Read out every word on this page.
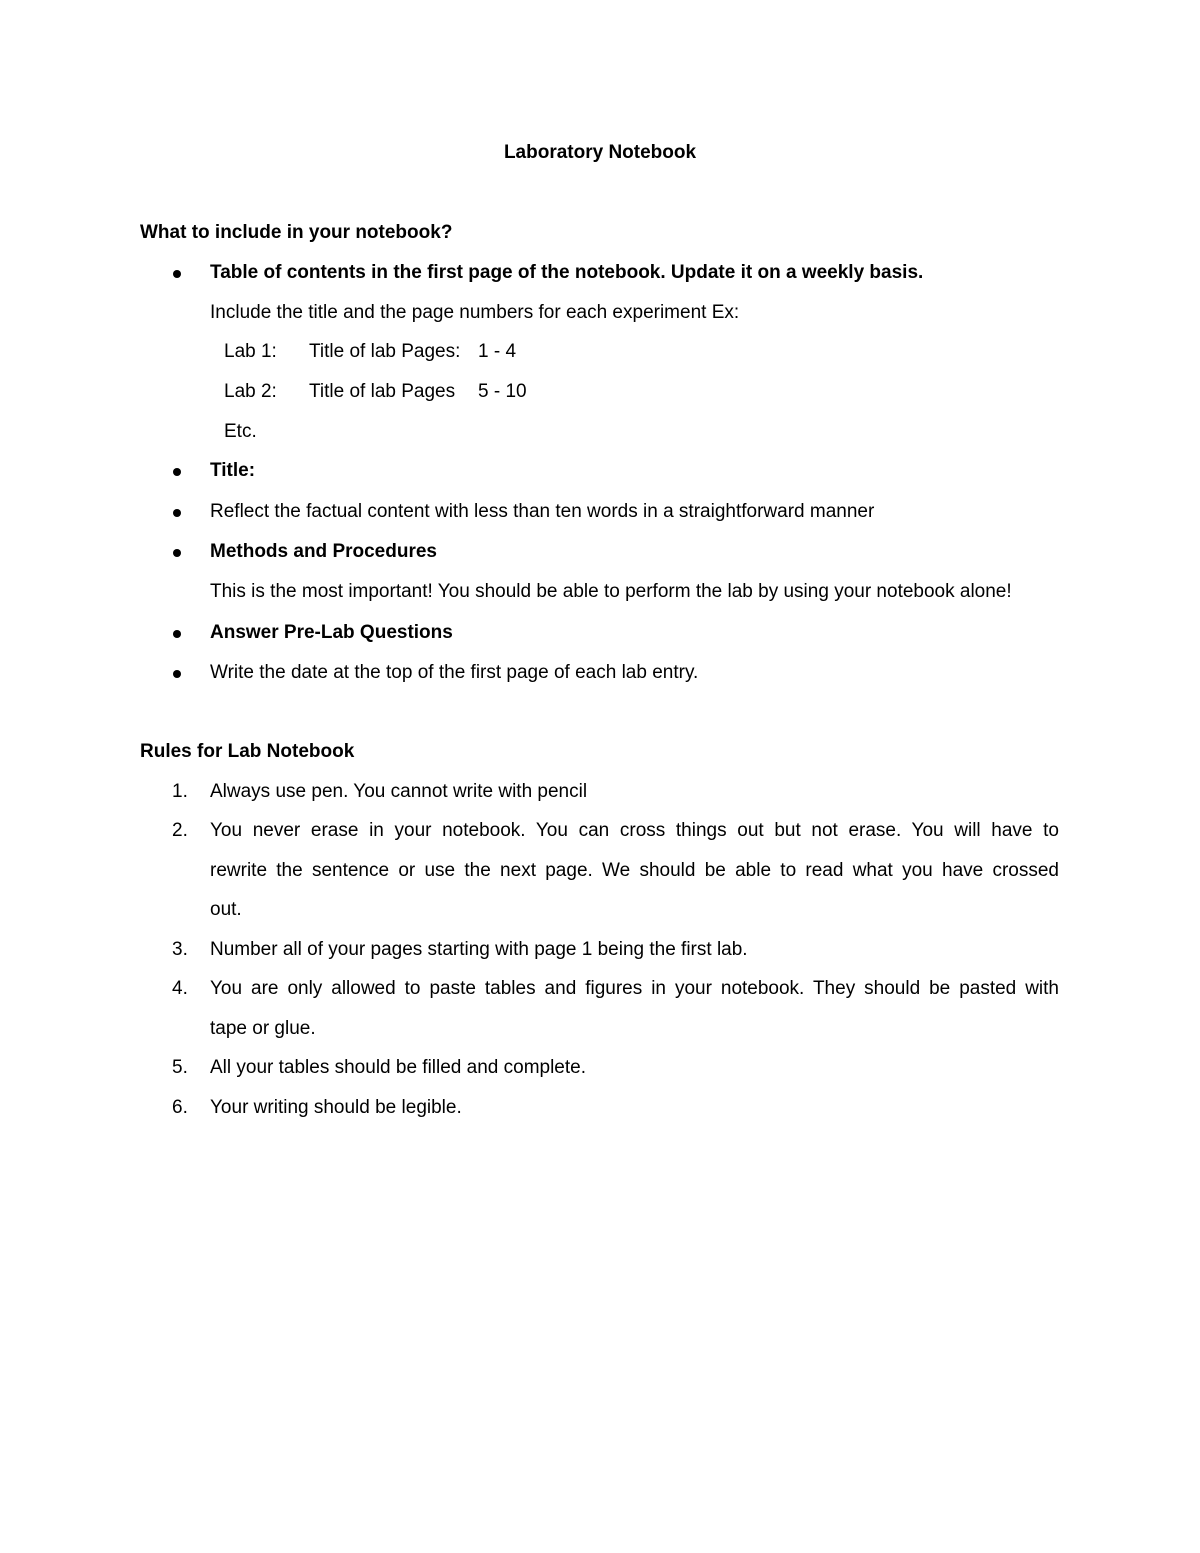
Laboratory Notebook
What to include in your notebook?
Table of contents in the first page of the notebook. Update it on a weekly basis.
Include the title and the page numbers for each experiment Ex:
Lab 1: Title of lab Pages: 1 - 4
Lab 2: Title of lab Pages 5 - 10
Etc.
Title:
Reflect the factual content with less than ten words in a straightforward manner
Methods and Procedures
This is the most important! You should be able to perform the lab by using your notebook alone!
Answer Pre-Lab Questions
Write the date at the top of the first page of each lab entry.
Rules for Lab Notebook
1. Always use pen. You cannot write with pencil
2. You never erase in your notebook. You can cross things out but not erase. You will have to
rewrite the sentence or use the next page. We should be able to read what you have crossed
out.
3. Number all of your pages starting with page 1 being the first lab.
4. You are only allowed to paste tables and figures in your notebook. They should be pasted with
tape or glue.
5. All your tables should be filled and complete.
6. Your writing should be legible.
